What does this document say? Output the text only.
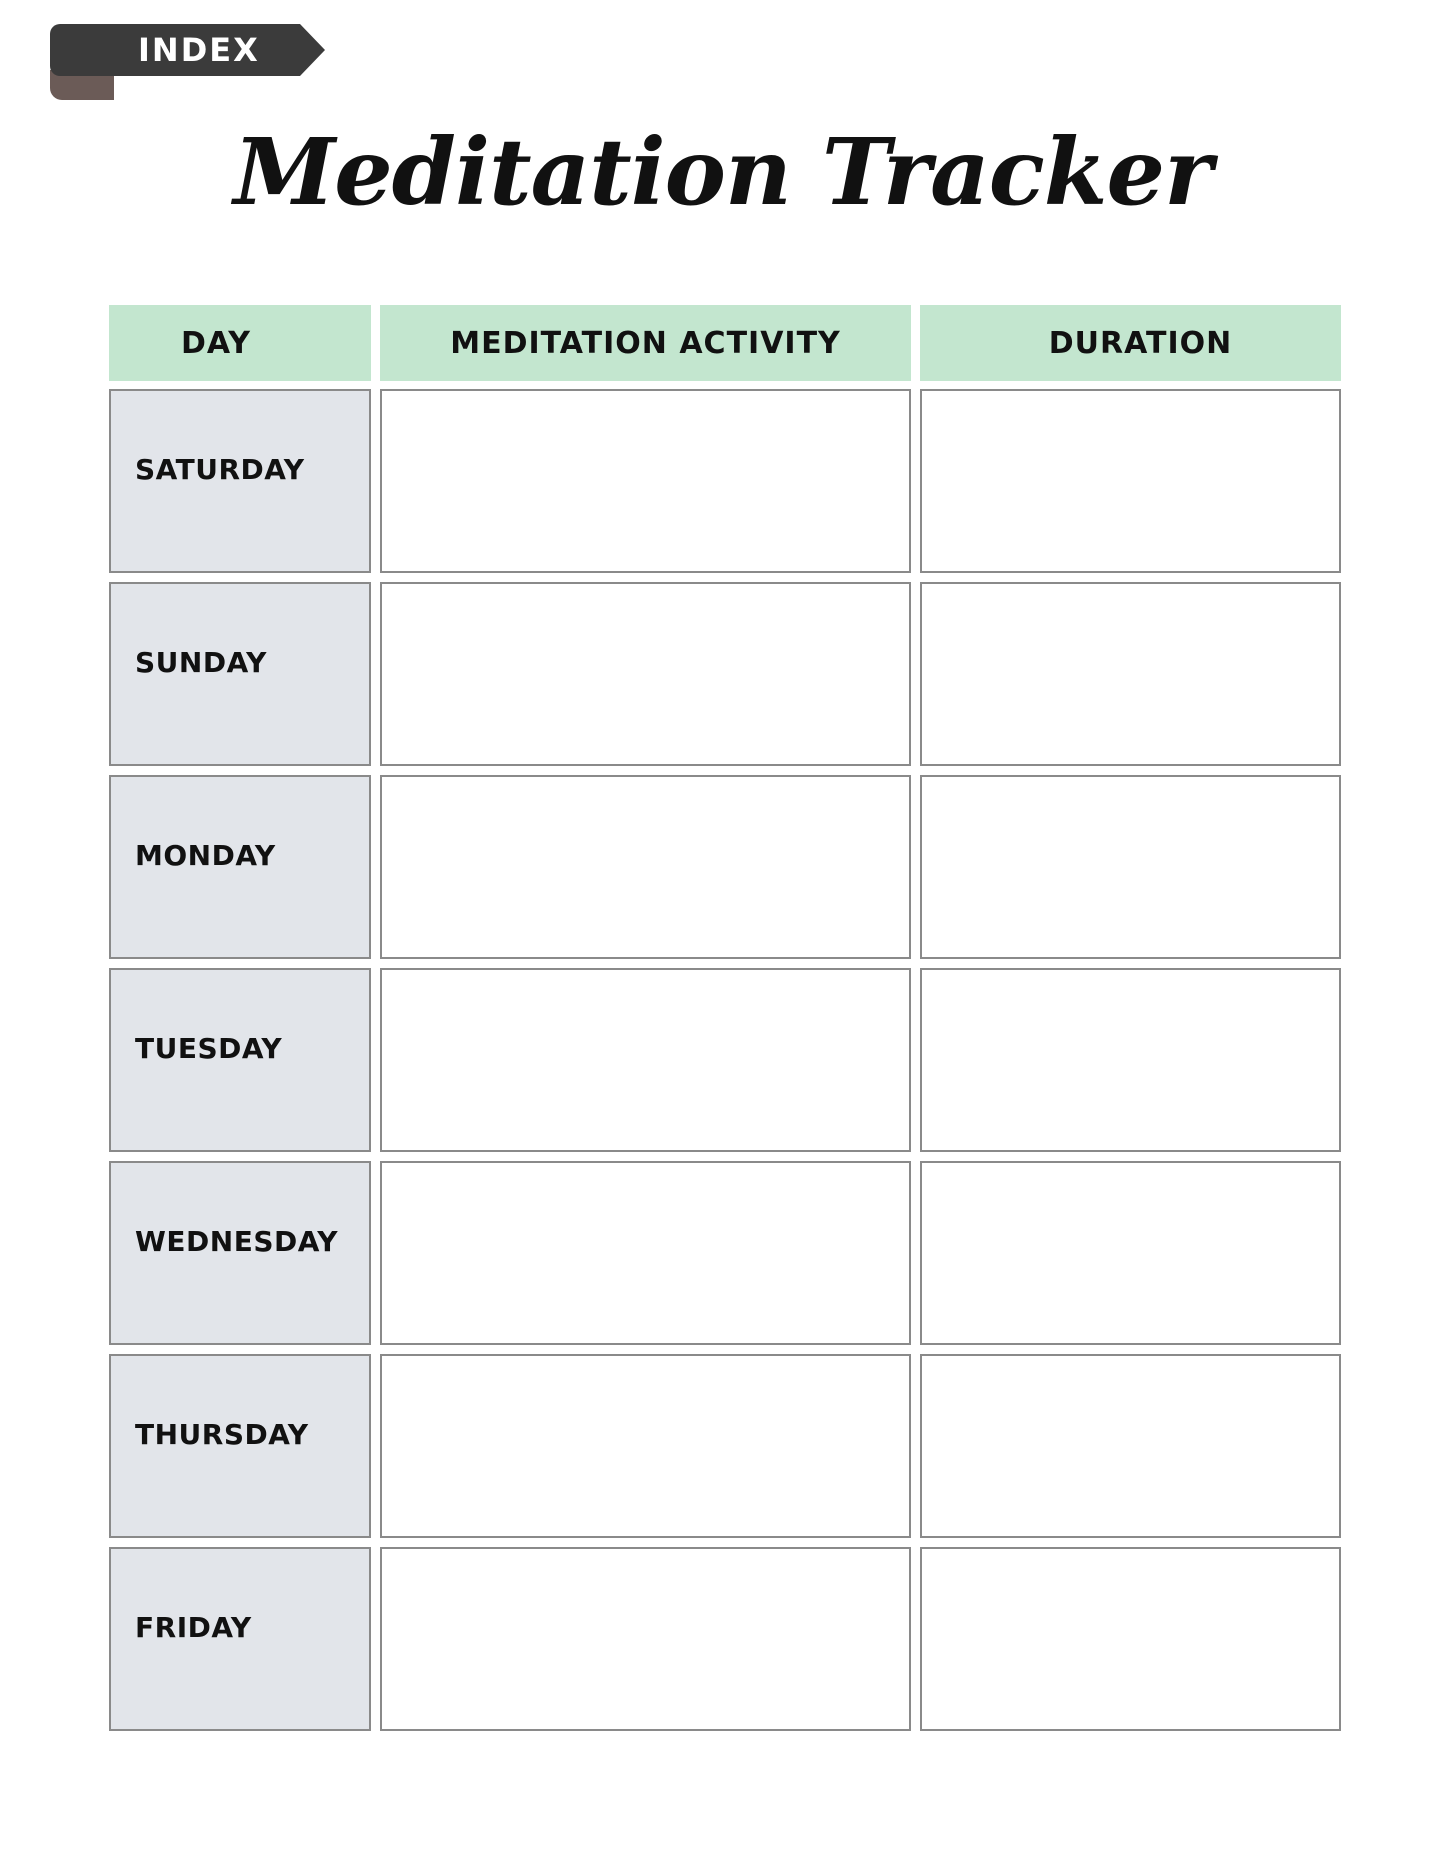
INDEX
Meditation Tracker
DAY	MEDITATION ACTIVITY	DURATION
SATURDAY
SUNDAY
MONDAY
TUESDAY
WEDNESDAY
THURSDAY
FRIDAY
